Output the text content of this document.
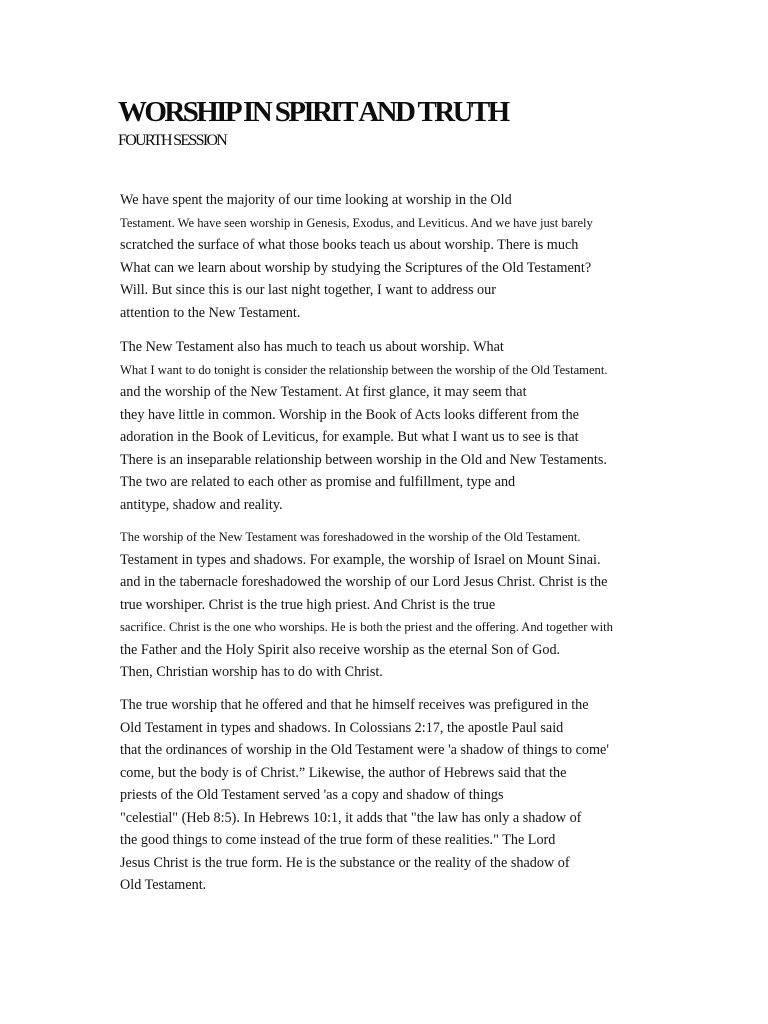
WORSHIP IN SPIRIT AND TRUTH
FOURTH SESSION
We have spent the majority of our time looking at worship in the Old
Testament. We have seen worship in Genesis, Exodus, and Leviticus. And we have just barely
scratched the surface of what those books teach us about worship. There is much
What can we learn about worship by studying the Scriptures of the Old Testament?
Will. But since this is our last night together, I want to address our
attention to the New Testament.
The New Testament also has much to teach us about worship. What
What I want to do tonight is consider the relationship between the worship of the Old Testament.
and the worship of the New Testament. At first glance, it may seem that
they have little in common. Worship in the Book of Acts looks different from the
adoration in the Book of Leviticus, for example. But what I want us to see is that
There is an inseparable relationship between worship in the Old and New Testaments.
The two are related to each other as promise and fulfillment, type and
antitype, shadow and reality.
The worship of the New Testament was foreshadowed in the worship of the Old Testament.
Testament in types and shadows. For example, the worship of Israel on Mount Sinai.
and in the tabernacle foreshadowed the worship of our Lord Jesus Christ. Christ is the
true worshiper. Christ is the true high priest. And Christ is the true
sacrifice. Christ is the one who worships. He is both the priest and the offering. And together with
the Father and the Holy Spirit also receive worship as the eternal Son of God.
Then, Christian worship has to do with Christ.
The true worship that he offered and that he himself receives was prefigured in the
Old Testament in types and shadows. In Colossians 2:17, the apostle Paul said
that the ordinances of worship in the Old Testament were 'a shadow of things to come'
come, but the body is of Christ.” Likewise, the author of Hebrews said that the
priests of the Old Testament served 'as a copy and shadow of things
"celestial" (Heb 8:5). In Hebrews 10:1, it adds that "the law has only a shadow of
the good things to come instead of the true form of these realities." The Lord
Jesus Christ is the true form. He is the substance or the reality of the shadow of
Old Testament.
